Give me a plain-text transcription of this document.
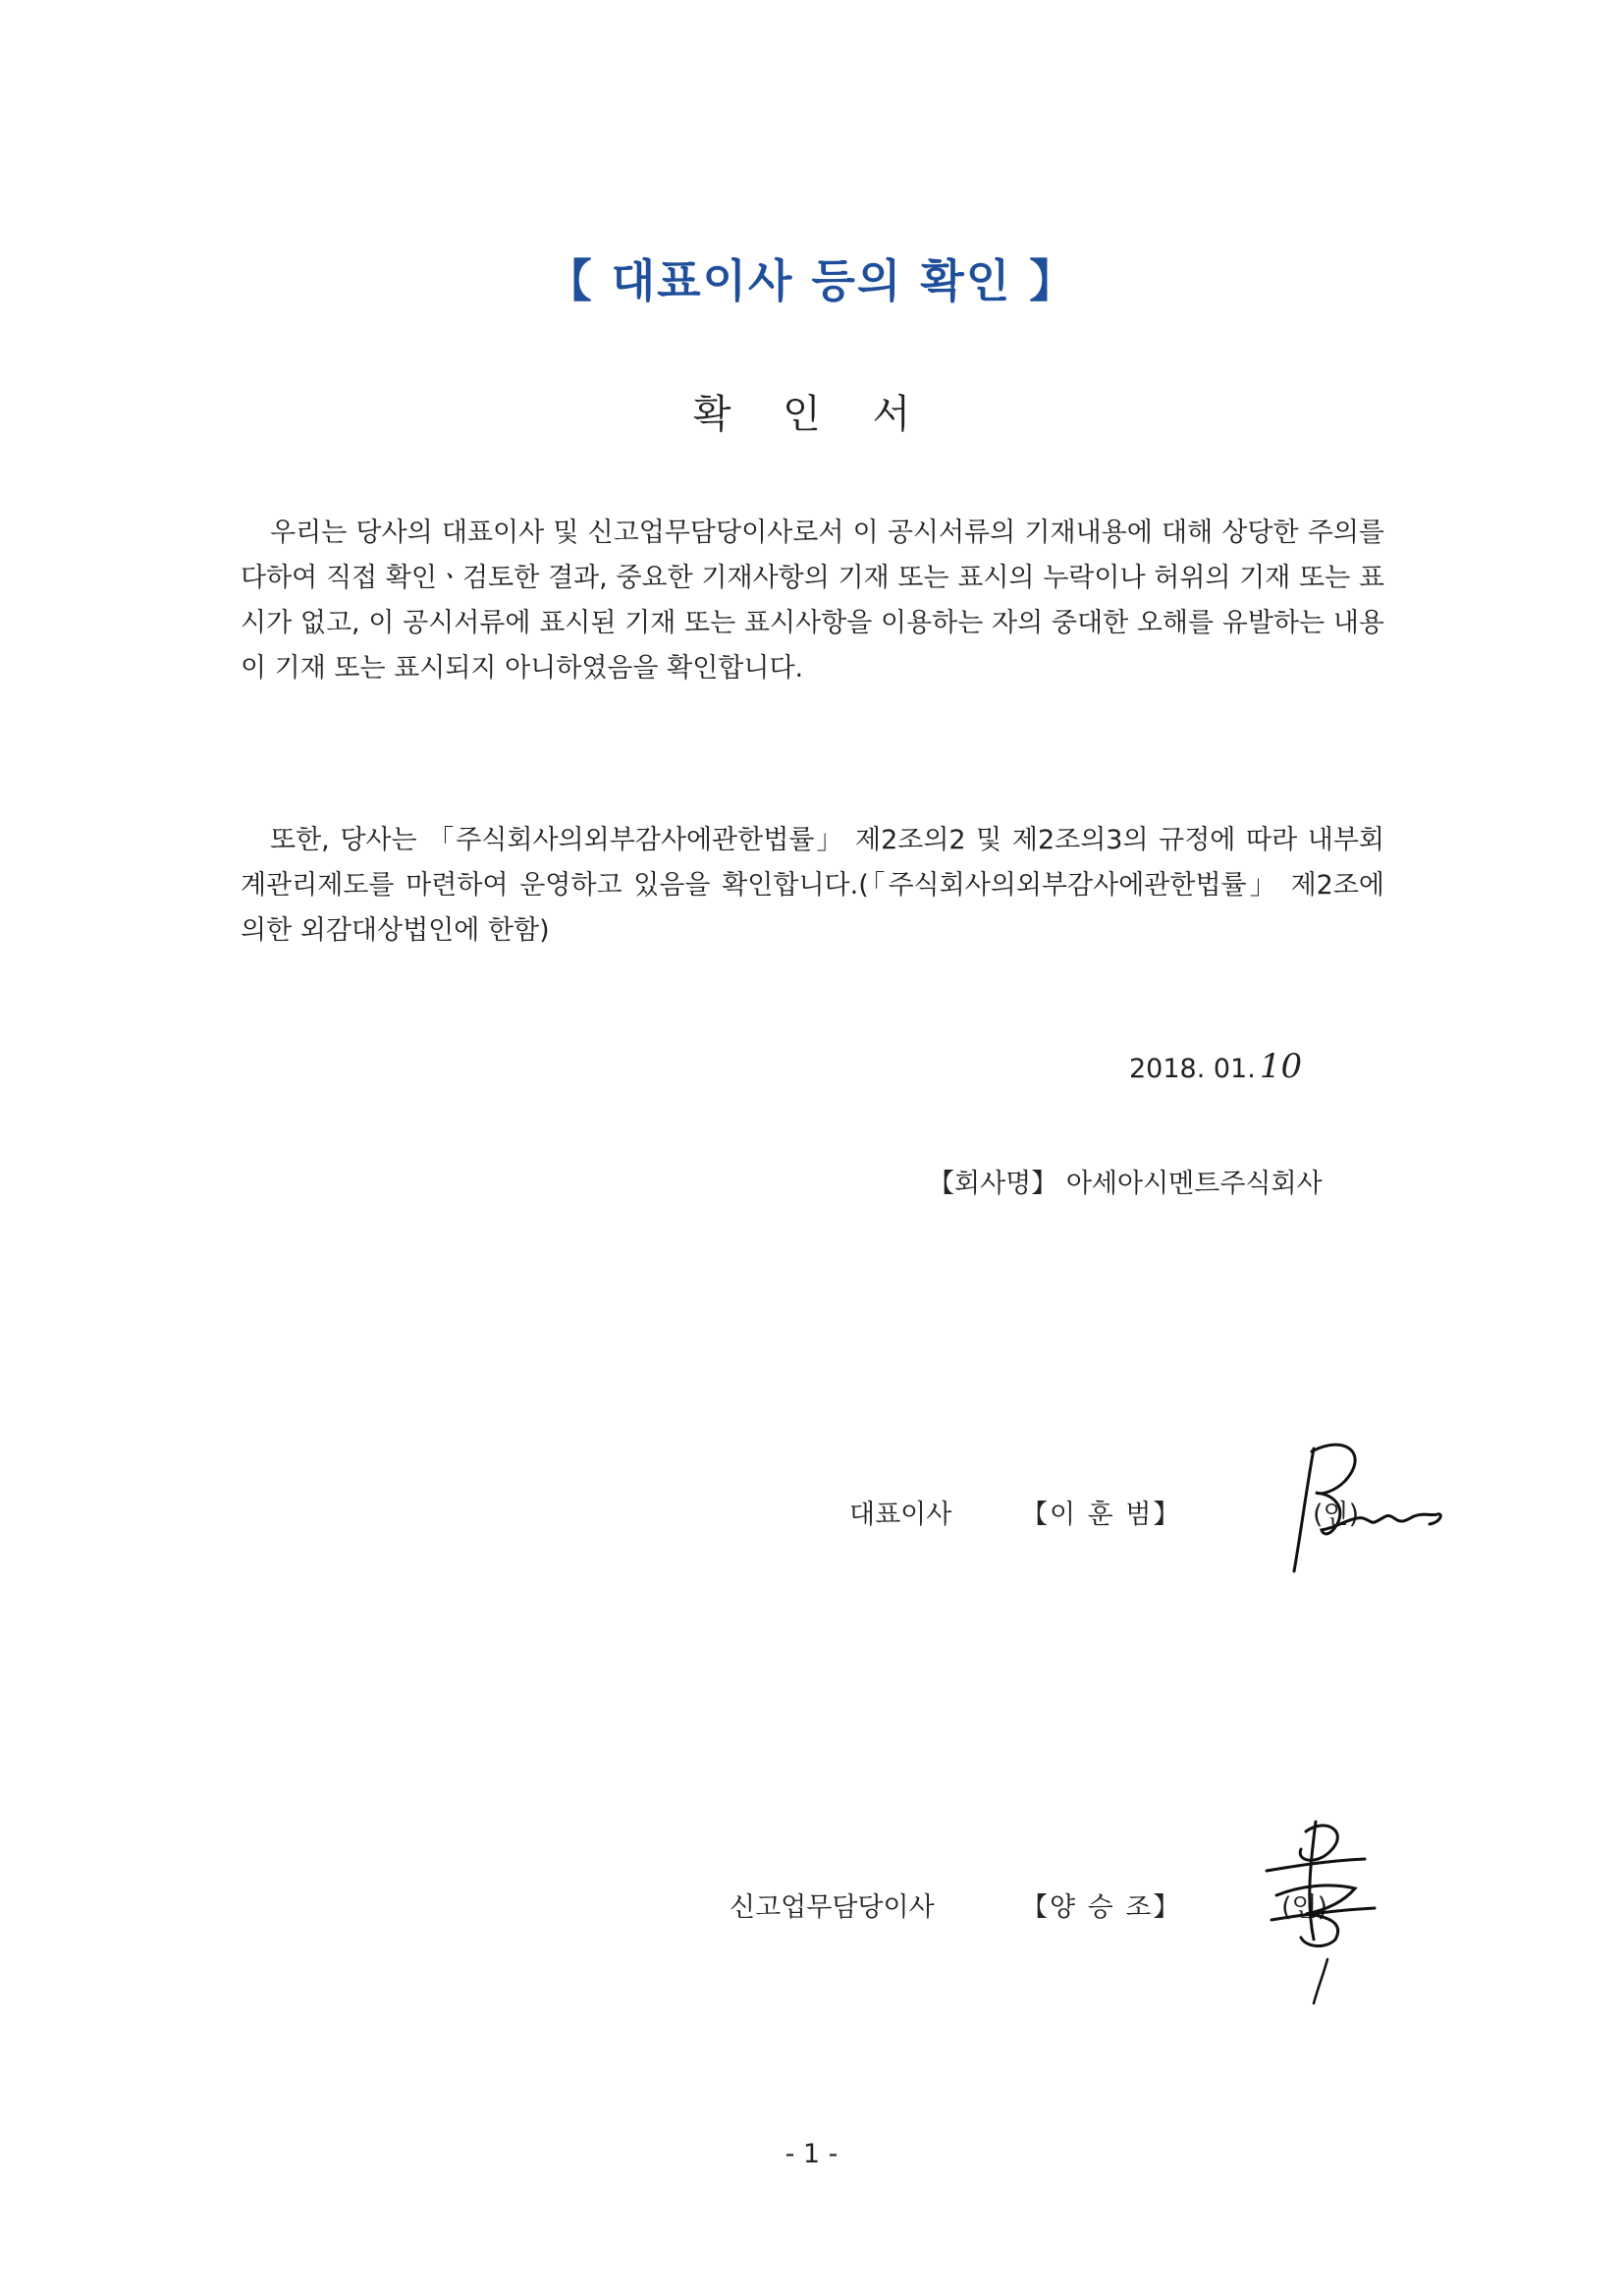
【 대표이사 등의 확인 】
확 인 서
우리는 당사의 대표이사 및 신고업무담당이사로서 이 공시서류의 기재내용에 대해 상당한 주의를 다하여 직접 확인ㆍ검토한 결과, 중요한 기재사항의 기재 또는 표시의 누락이나 허위의 기재 또는 표시가 없고, 이 공시서류에 표시된 기재 또는 표시사항을 이용하는 자의 중대한 오해를 유발하는 내용이 기재 또는 표시되지 아니하였음을 확인합니다.
또한, 당사는 「주식회사의외부감사에관한법률」 제2조의2 및 제2조의3의 규정에 따라 내부회계관리제도를 마련하여 운영하고 있음을 확인합니다.(「주식회사의외부감사에관한법률」 제2조에 의한 외감대상법인에 한함)
2018. 01. 10
【회사명】 아세아시멘트주식회사
대표이사	【이 훈 범】	(인)
신고업무담당이사	【양 승 조】	(인)
- 1 -
